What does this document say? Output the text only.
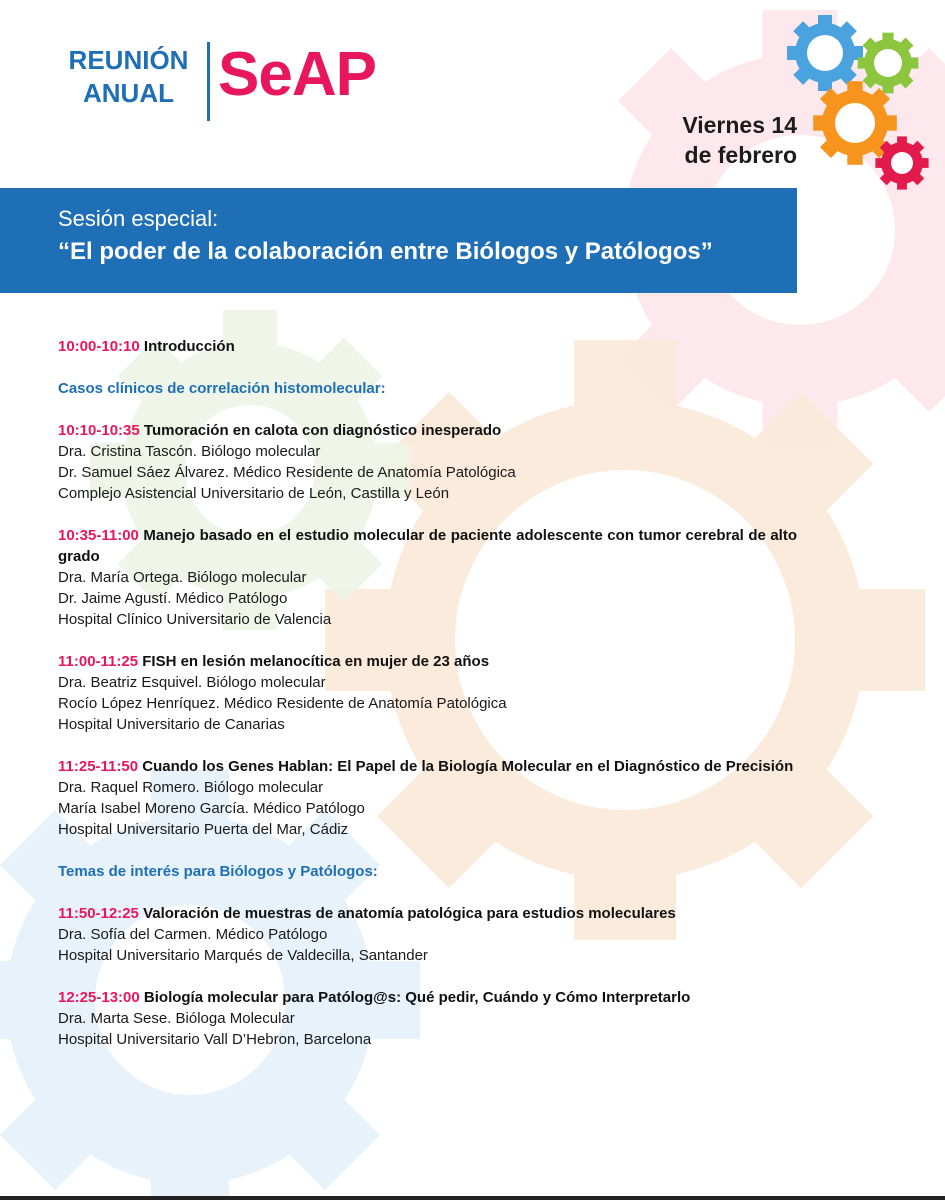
REUNIÓN
ANUAL SeAP
Viernes 14
de febrero
Sesión especial:
“El poder de la colaboración entre Biólogos y Patólogos”
10:00-10:10 Introducción
Casos clínicos de correlación histomolecular:
10:10-10:35 Tumoración en calota con diagnóstico inesperado
Dra. Cristina Tascón. Biólogo molecular
Dr. Samuel Sáez Álvarez. Médico Residente de Anatomía Patológica
Complejo Asistencial Universitario de León, Castilla y León
10:35-11:00 Manejo basado en el estudio molecular de paciente adolescente con tumor cerebral de alto grado
Dra. María Ortega. Biólogo molecular
Dr. Jaime Agustí. Médico Patólogo
Hospital Clínico Universitario de Valencia
11:00-11:25 FISH en lesión melanocítica en mujer de 23 años
Dra. Beatriz Esquivel. Biólogo molecular
Rocío López Henríquez. Médico Residente de Anatomía Patológica
Hospital Universitario de Canarias
11:25-11:50 Cuando los Genes Hablan: El Papel de la Biología Molecular en el Diagnóstico de Precisión
Dra. Raquel Romero. Biólogo molecular
María Isabel Moreno García. Médico Patólogo
Hospital Universitario Puerta del Mar, Cádiz
Temas de interés para Biólogos y Patólogos:
11:50-12:25 Valoración de muestras de anatomía patológica para estudios moleculares
Dra. Sofía del Carmen. Médico Patólogo
Hospital Universitario Marqués de Valdecilla, Santander
12:25-13:00 Biología molecular para Patólog@s: Qué pedir, Cuándo y Cómo Interpretarlo
Dra. Marta Sese. Bióloga Molecular
Hospital Universitario Vall D’Hebron, Barcelona
